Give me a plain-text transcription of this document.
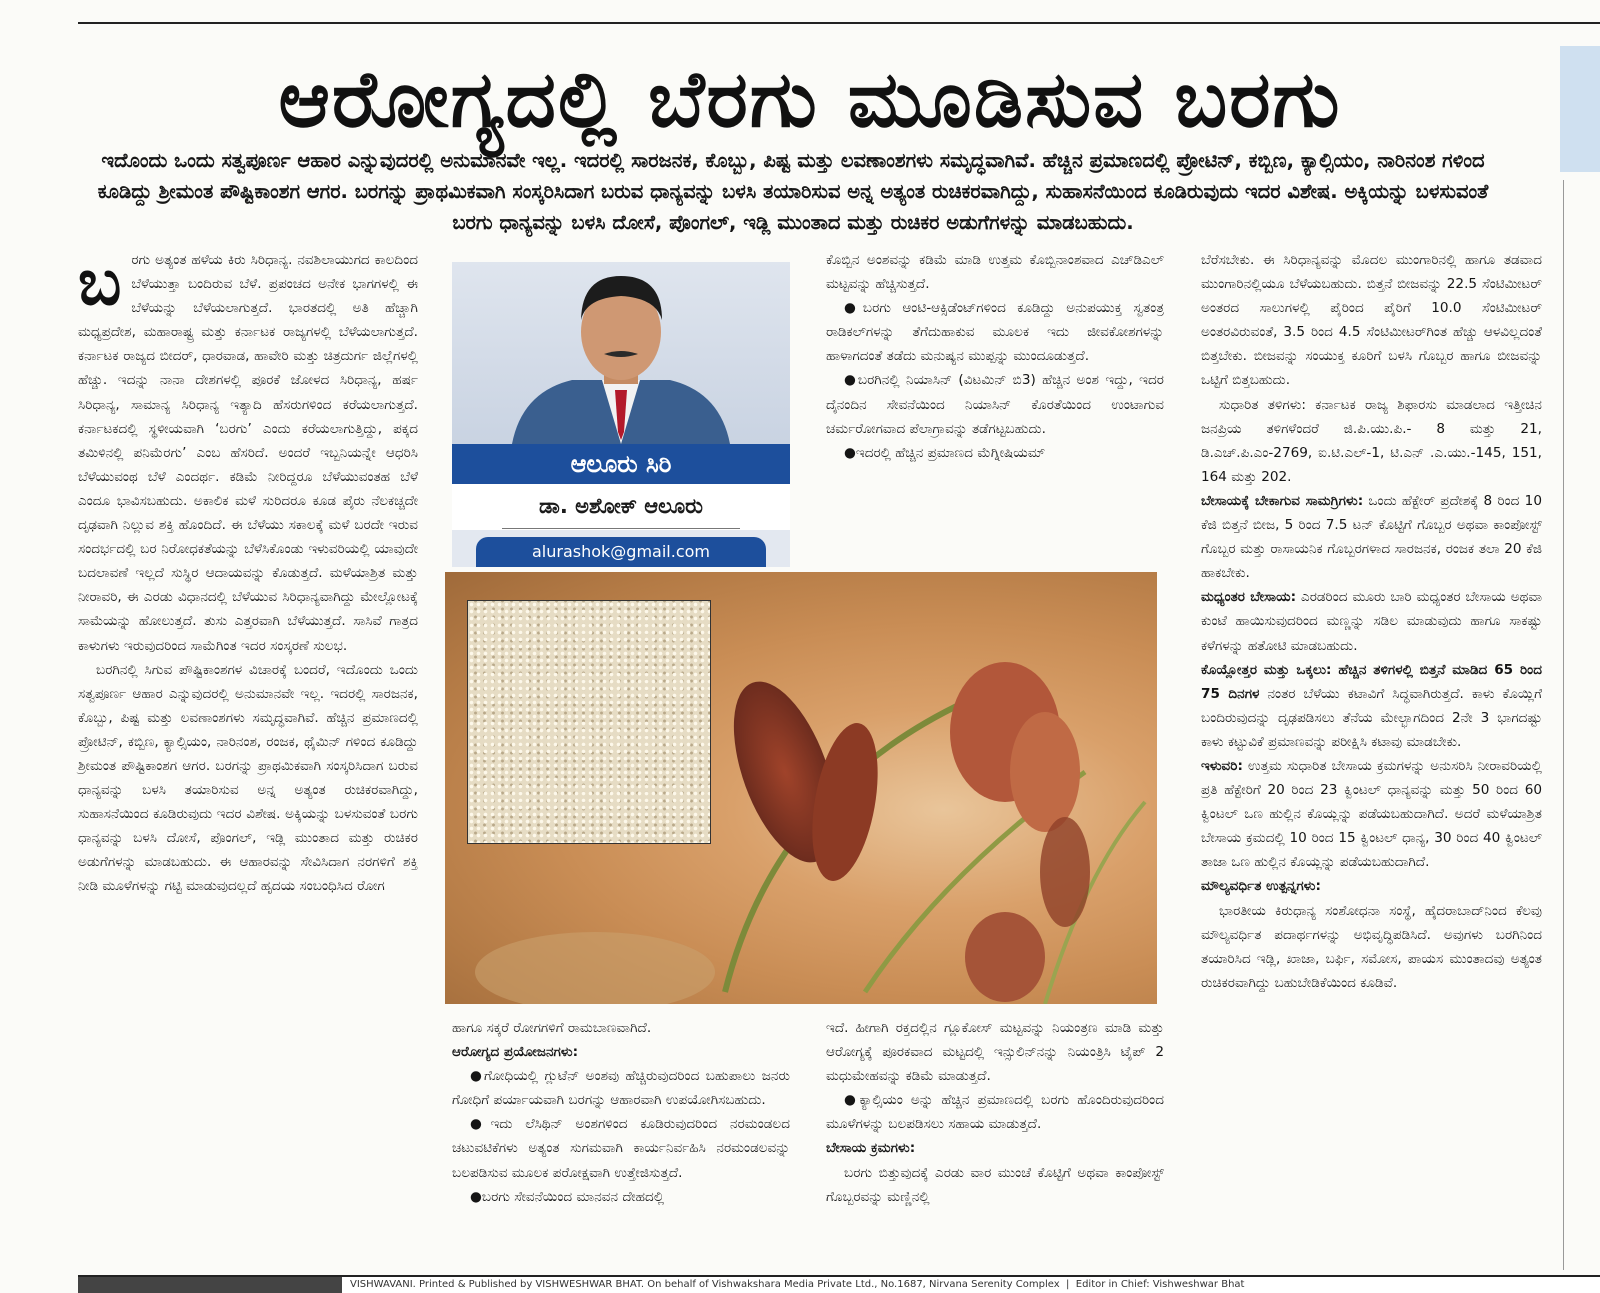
ಆರೋಗ್ಯದಲ್ಲಿ ಬೆರಗು ಮೂಡಿಸುವ ಬರಗು
ಇದೊಂದು ಒಂದು ಸತ್ವಪೂರ್ಣ ಆಹಾರ ಎನ್ನುವುದರಲ್ಲಿ ಅನುಮಾನವೇ ಇಲ್ಲ. ಇದರಲ್ಲಿ ಸಾರಜನಕ, ಕೊಬ್ಬು, ಪಿಷ್ಟ ಮತ್ತು ಲವಣಾಂಶಗಳು ಸಮೃದ್ಧವಾಗಿವೆ. ಹೆಚ್ಚಿನ ಪ್ರಮಾಣದಲ್ಲಿ ಪ್ರೋಟಿನ್, ಕಬ್ಬಿಣ, ಕ್ಯಾಲ್ಸಿಯಂ, ನಾರಿನಂಶ ಗಳಿಂದ ಕೂಡಿದ್ದು ಶ್ರೀಮಂತ ಪೌಷ್ಟಿಕಾಂಶಗ ಆಗರ. ಬರಗನ್ನು ಪ್ರಾಥಮಿಕವಾಗಿ ಸಂಸ್ಕರಿಸಿದಾಗ ಬರುವ ಧಾನ್ಯವನ್ನು ಬಳಸಿ ತಯಾರಿಸುವ ಅನ್ನ ಅತ್ಯಂತ ರುಚಿಕರವಾಗಿದ್ದು, ಸುಹಾಸನೆಯಿಂದ ಕೂಡಿರುವುದು ಇದರ ವಿಶೇಷ. ಅಕ್ಕಿಯನ್ನು ಬಳಸುವಂತೆ ಬರಗು ಧಾನ್ಯವನ್ನು ಬಳಸಿ ದೋಸೆ, ಪೊಂಗಲ್, ಇಡ್ಲಿ ಮುಂತಾದ ಮತ್ತು ರುಚಿಕರ ಅಡುಗೆಗಳನ್ನು ಮಾಡಬಹುದು.

ಬರಗು ಅತ್ಯಂತ ಹಳೆಯ ಕಿರು ಸಿರಿಧಾನ್ಯ. ನವಶಿಲಾಯುಗದ ಕಾಲದಿಂದ ಬೆಳೆಯುತ್ತಾ ಬಂದಿರುವ ಬೆಳೆ. ಪ್ರಪಂಚದ ಅನೇಕ ಭಾಗಗಳಲ್ಲಿ ಈ ಬೆಳೆಯನ್ನು ಬೆಳೆಯಲಾಗುತ್ತದೆ. ಭಾರತದಲ್ಲಿ ಅತಿ ಹೆಚ್ಚಾಗಿ ಮಧ್ಯಪ್ರದೇಶ, ಮಹಾರಾಷ್ಟ್ರ ಮತ್ತು ಕರ್ನಾಟಕ ರಾಜ್ಯಗಳಲ್ಲಿ ಬೆಳೆಯಲಾಗುತ್ತದೆ. ಕರ್ನಾಟಕ ರಾಜ್ಯದ ಬೀದರ್, ಧಾರವಾಡ, ಹಾವೇರಿ ಮತ್ತು ಚಿತ್ರದುರ್ಗ ಜಿಲ್ಲೆಗಳಲ್ಲಿ ಹೆಚ್ಚು. ಇದನ್ನು ನಾನಾ ದೇಶಗಳಲ್ಲಿ ಪೂರಕೆ ಜೋಳದ ಸಿರಿಧಾನ್ಯ, ಹರ್ಷ ಸಿರಿಧಾನ್ಯ, ಸಾಮಾನ್ಯ ಸಿರಿಧಾನ್ಯ ಇತ್ಯಾದಿ ಹೆಸರುಗಳಿಂದ ಕರೆಯಲಾಗುತ್ತದೆ. ಕರ್ನಾಟಕದಲ್ಲಿ ಸ್ಥಳೀಯವಾಗಿ ‘ಬರಗು’ ಎಂದು ಕರೆಯಲಾಗುತ್ತಿದ್ದು, ಪಕ್ಕದ ತಮಿಳಿನಲ್ಲಿ ಪನಿಮೆರಗು’ ಎಂಬ ಹೆಸರಿದೆ. ಅಂದರೆ ಇಬ್ಬನಿಯನ್ನೇ ಆಧರಿಸಿ ಬೆಳೆಯುವಂಥ ಬೆಳೆ ಎಂದರ್ಥ. ಕಡಿಮೆ ನೀರಿದ್ದರೂ ಬೆಳೆಯುವಂತಹ ಬೆಳೆ ಎಂದೂ ಭಾವಿಸಬಹುದು. ಅಕಾಲಿಕ ಮಳೆ ಸುರಿದರೂ ಕೂಡ ಪೈರು ನೆಲಕಚ್ಚದೇ ದೃಢವಾಗಿ ನಿಲ್ಲುವ ಶಕ್ತಿ ಹೊಂದಿದೆ. ಈ ಬೆಳೆಯು ಸಕಾಲಕ್ಕೆ ಮಳೆ ಬರದೇ ಇರುವ ಸಂದರ್ಭದಲ್ಲಿ ಬರ ನಿರೋಧಕತೆಯನ್ನು ಬೆಳೆಸಿಕೊಂಡು ಇಳುವರಿಯಲ್ಲಿ ಯಾವುದೇ ಬದಲಾವಣೆ ಇಲ್ಲದೆ ಸುಸ್ಥಿರ ಆದಾಯವನ್ನು ಕೊಡುತ್ತದೆ. ಮಳೆಯಾಶ್ರಿತ ಮತ್ತು ನೀರಾವರಿ, ಈ ಎರಡು ವಿಧಾನದಲ್ಲಿ ಬೆಳೆಯುವ ಸಿರಿಧಾನ್ಯವಾಗಿದ್ದು ಮೇಲ್ಲೋಟಕ್ಕೆ ಸಾಮೆಯನ್ನು ಹೋಲುತ್ತದೆ. ತುಸು ಎತ್ತರವಾಗಿ ಬೆಳೆಯುತ್ತದೆ. ಸಾಸಿವೆ ಗಾತ್ರದ ಕಾಳುಗಳು ಇರುವುದರಿಂದ ಸಾಮೆಗಿಂತ ಇದರ ಸಂಸ್ಕರಣೆ ಸುಲಭ.

ಬರಗಿನಲ್ಲಿ ಸಿಗುವ ಪೌಷ್ಟಿಕಾಂಶಗಳ ವಿಚಾರಕ್ಕೆ ಬಂದರೆ, ಇದೊಂದು ಒಂದು ಸತ್ವಪೂರ್ಣ ಆಹಾರ ಎನ್ನುವುದರಲ್ಲಿ ಅನುಮಾನವೇ ಇಲ್ಲ. ಇದರಲ್ಲಿ ಸಾರಜನಕ, ಕೊಬ್ಬು, ಪಿಷ್ಟ ಮತ್ತು ಲವಣಾಂಶಗಳು ಸಮೃದ್ಧವಾಗಿವೆ. ಹೆಚ್ಚಿನ ಪ್ರಮಾಣದಲ್ಲಿ ಪ್ರೋಟಿನ್, ಕಬ್ಬಿಣ, ಕ್ಯಾಲ್ಸಿಯಂ, ನಾರಿನಂಶ, ರಂಜಕ, ಥೈಮಿನ್ ಗಳಿಂದ ಕೂಡಿದ್ದು ಶ್ರೀಮಂತ ಪೌಷ್ಟಿಕಾಂಶಗ ಆಗರ. ಬರಗನ್ನು ಪ್ರಾಥಮಿಕವಾಗಿ ಸಂಸ್ಕರಿಸಿದಾಗ ಬರುವ ಧಾನ್ಯವನ್ನು ಬಳಸಿ ತಯಾರಿಸುವ ಅನ್ನ ಅತ್ಯಂತ ರುಚಿಕರವಾಗಿದ್ದು, ಸುಹಾಸನೆಯಿಂದ ಕೂಡಿರುವುದು ಇದರ ವಿಶೇಷ. ಅಕ್ಕಿಯನ್ನು ಬಳಸುವಂತೆ ಬರಗು ಧಾನ್ಯವನ್ನು ಬಳಸಿ ದೋಸೆ, ಪೊಂಗಲ್, ಇಡ್ಲಿ ಮುಂತಾದ ಮತ್ತು ರುಚಿಕರ ಅಡುಗೆಗಳನ್ನು ಮಾಡಬಹುದು. ಈ ಆಹಾರವನ್ನು ಸೇವಿಸಿದಾಗ ನರಗಳಿಗೆ ಶಕ್ತಿ ನೀಡಿ ಮೂಳೆಗಳನ್ನು ಗಟ್ಟಿ ಮಾಡುವುದಲ್ಲದೆ ಹೃದಯ ಸಂಬಂಧಿಸಿದ ರೋಗ

ಆಲೂರು ಸಿರಿ
ಡಾ. ಅಶೋಕ್ ಆಲೂರು
alurashok@gmail.com

ಹಾಗೂ ಸಕ್ಕರೆ ರೋಗಗಳಿಗೆ ರಾಮಬಾಣವಾಗಿದೆ.

ಆರೋಗ್ಯದ ಪ್ರಯೋಜನಗಳು:

●ಗೋಧಿಯಲ್ಲಿ ಗ್ಲುಟೆನ್ ಅಂಶವು ಹೆಚ್ಚಿರುವುದರಿಂದ ಬಹುಪಾಲು ಜನರು ಗೋಧಿಗೆ ಪರ್ಯಾಯವಾಗಿ ಬರಗನ್ನು ಆಹಾರವಾಗಿ ಉಪಯೋಗಿಸಬಹುದು.

●ಇದು ಲೆಸಿಥಿನ್ ಅಂಶಗಳಿಂದ ಕೂಡಿರುವುದರಿಂದ ನರಮಂಡಲದ ಚಟುವಟಿಕೆಗಳು ಅತ್ಯಂತ ಸುಗಮವಾಗಿ ಕಾರ್ಯನಿರ್ವಹಿಸಿ ನರಮಂಡಲವನ್ನು ಬಲಪಡಿಸುವ ಮೂಲಕ ಪರೋಕ್ಷವಾಗಿ ಉತ್ತೇಜಿಸುತ್ತದೆ.

●ಬರಗು ಸೇವನೆಯಿಂದ ಮಾನವನ ದೇಹದಲ್ಲಿ

ಕೊಬ್ಬಿನ ಅಂಶವನ್ನು ಕಡಿಮೆ ಮಾಡಿ ಉತ್ತಮ ಕೊಬ್ಬಿನಾಂಶವಾದ ಎಚ್‌ಡಿಎಲ್ ಮಟ್ಟವನ್ನು ಹೆಚ್ಚಿಸುತ್ತದೆ.

●ಬರಗು ಆಂಟಿ-ಆಕ್ಸಿಡೆಂಟ್‌ಗಳಿಂದ ಕೂಡಿದ್ದು ಅನುಪಯುಕ್ತ ಸ್ವತಂತ್ರ ರಾಡಿಕಲ್‌ಗಳನ್ನು ತೆಗೆದುಹಾಕುವ ಮೂಲಕ ಇದು ಜೀವಕೋಶಗಳನ್ನು ಹಾಳಾಗದಂತೆ ತಡೆದು ಮನುಷ್ಯನ ಮುಪ್ಪನ್ನು ಮುಂದೂಡುತ್ತದೆ.

●ಬರಗಿನಲ್ಲಿ ನಿಯಾಸಿನ್ (ವಿಟಮಿನ್ ಬಿ3) ಹೆಚ್ಚಿನ ಅಂಶ ಇದ್ದು, ಇದರ ದೈನಂದಿನ ಸೇವನೆಯಿಂದ ನಿಯಾಸಿನ್ ಕೊರತೆಯಿಂದ ಉಂಟಾಗುವ ಚರ್ಮರೋಗವಾದ ಪೆಲಾಗ್ರಾವನ್ನು ತಡೆಗಟ್ಟಬಹುದು.

●ಇದರಲ್ಲಿ ಹೆಚ್ಚಿನ ಪ್ರಮಾಣದ ಮೆಗ್ನೀಷಿಯಮ್

ಇದೆ. ಹೀಗಾಗಿ ರಕ್ತದಲ್ಲಿನ ಗ್ಲೂಕೋಸ್ ಮಟ್ಟವನ್ನು ನಿಯಂತ್ರಣ ಮಾಡಿ ಮತ್ತು ಆರೋಗ್ಯಕ್ಕೆ ಪೂರಕವಾದ ಮಟ್ಟದಲ್ಲಿ ಇನ್ಸುಲಿನ್‌ನನ್ನು ನಿಯಂತ್ರಿಸಿ ಟೈಪ್ 2 ಮಧುಮೇಹವನ್ನು ಕಡಿಮೆ ಮಾಡುತ್ತದೆ.

●ಕ್ಯಾಲ್ಸಿಯಂ ಅನ್ನು ಹೆಚ್ಚಿನ ಪ್ರಮಾಣದಲ್ಲಿ ಬರಗು ಹೊಂದಿರುವುದರಿಂದ ಮೂಳೆಗಳನ್ನು ಬಲಪಡಿಸಲು ಸಹಾಯ ಮಾಡುತ್ತದೆ.

ಬೇಸಾಯ ಕ್ರಮಗಳು:

ಬರಗು ಬಿತ್ತುವುದಕ್ಕೆ ಎರಡು ವಾರ ಮುಂಚೆ ಕೊಟ್ಟಿಗೆ ಅಥವಾ ಕಾಂಪೋಸ್ಟ್ ಗೊಬ್ಬರವನ್ನು ಮಣ್ಣಿನಲ್ಲಿ

ಬೆರೆಸಬೇಕು. ಈ ಸಿರಿಧಾನ್ಯವನ್ನು ಮೊದಲ ಮುಂಗಾರಿನಲ್ಲಿ ಹಾಗೂ ತಡವಾದ ಮುಂಗಾರಿನಲ್ಲಿಯೂ ಬೆಳೆಯಬಹುದು. ಬಿತ್ತನೆ ಬೀಜವನ್ನು 22.5 ಸೆಂಟಿಮೀಟರ್ ಅಂತರದ ಸಾಲುಗಳಲ್ಲಿ ಪೈರಿಂದ ಪೈರಿಗೆ 10.0 ಸೆಂಟಿಮೀಟರ್ ಅಂತರವಿರುವಂತೆ, 3.5 ರಿಂದ 4.5 ಸೆಂಟಿಮೀಟರ್‌ಗಿಂತ ಹೆಚ್ಚು ಆಳವಿಲ್ಲದಂತೆ ಬಿತ್ತಬೇಕು. ಬೀಜವನ್ನು ಸಂಯುಕ್ತ ಕೂರಿಗೆ ಬಳಸಿ ಗೊಬ್ಬರ ಹಾಗೂ ಬೀಜವನ್ನು ಒಟ್ಟಿಗೆ ಬಿತ್ತಬಹುದು.

ಸುಧಾರಿತ ತಳಿಗಳು: ಕರ್ನಾಟಕ ರಾಜ್ಯ ಶಿಫಾರಸು ಮಾಡಲಾದ ಇತ್ತೀಚಿನ ಜನಪ್ರಿಯ ತಳಿಗಳೆಂದರೆ ಜಿ.ಪಿ.ಯು.ಪಿ.- 8 ಮತ್ತು 21, ಡಿ.ಎಚ್.ಪಿ.ಎಂ-2769, ಐ.ಟಿ.ಎಲ್-1, ಟಿ.ಎನ್ .ಎ.ಯು.-145, 151, 164 ಮತ್ತು 202.

ಬೇಸಾಯಕ್ಕೆ ಬೇಕಾಗುವ ಸಾಮಗ್ರಿಗಳು: ಒಂದು ಹೆಕ್ಟೇರ್ ಪ್ರದೇಶಕ್ಕೆ 8 ರಿಂದ 10 ಕೆಜಿ ಬಿತ್ತನೆ ಬೀಜ, 5 ರಿಂದ 7.5 ಟನ್ ಕೊಟ್ಟಿಗೆ ಗೊಬ್ಬರ ಅಥವಾ ಕಾಂಪೋಸ್ಟ್ ಗೊಬ್ಬರ ಮತ್ತು ರಾಸಾಯನಿಕ ಗೊಬ್ಬರಗಳಾದ ಸಾರಜನಕ, ರಂಜಕ ತಲಾ 20 ಕೆಜಿ ಹಾಕಬೇಕು.

ಮಧ್ಯಂತರ ಬೇಸಾಯ: ಎರಡರಿಂದ ಮೂರು ಬಾರಿ ಮಧ್ಯಂತರ ಬೇಸಾಯ ಅಥವಾ ಕುಂಟೆ ಹಾಯಿಸುವುದರಿಂದ ಮಣ್ಣನ್ನು ಸಡಿಲ ಮಾಡುವುದು ಹಾಗೂ ಸಾಕಷ್ಟು ಕಳೆಗಳನ್ನು ಹತೋಟಿ ಮಾಡಬಹುದು.

ಕೊಯ್ಲೋತ್ತರ ಮತ್ತು ಒಕ್ಕಲು: ಹೆಚ್ಚಿನ ತಳಿಗಳಲ್ಲಿ ಬಿತ್ತನೆ ಮಾಡಿದ 65 ರಿಂದ 75 ದಿನಗಳ ನಂತರ ಬೆಳೆಯು ಕಟಾವಿಗೆ ಸಿದ್ಧವಾಗಿರುತ್ತದೆ. ಕಾಳು ಕೊಯ್ಲಿಗೆ ಬಂದಿರುವುದನ್ನು ದೃಢಪಡಿಸಲು ತೆನೆಯ ಮೇಲ್ಭಾಗದಿಂದ 2ನೇ 3 ಭಾಗದಷ್ಟು ಕಾಳು ಕಟ್ಟುವಿಕೆ ಪ್ರಮಾಣವನ್ನು ಪರೀಕ್ಷಿಸಿ ಕಟಾವು ಮಾಡಬೇಕು.

ಇಳುವರಿ: ಉತ್ತಮ ಸುಧಾರಿತ ಬೇಸಾಯ ಕ್ರಮಗಳನ್ನು ಅನುಸರಿಸಿ ನೀರಾವರಿಯಲ್ಲಿ ಪ್ರತಿ ಹೆಕ್ಟೇರಿಗೆ 20 ರಿಂದ 23 ಕ್ವಿಂಟಲ್ ಧಾನ್ಯವನ್ನು ಮತ್ತು 50 ರಿಂದ 60 ಕ್ವಿಂಟಲ್ ಒಣ ಹುಲ್ಲಿನ ಕೊಯ್ಲನ್ನು ಪಡೆಯಬಹುದಾಗಿದೆ. ಅದರೆ ಮಳೆಯಾಶ್ರಿತ ಬೇಸಾಯ ಕ್ರಮದಲ್ಲಿ 10 ರಿಂದ 15 ಕ್ವಿಂಟಲ್ ಧಾನ್ಯ, 30 ರಿಂದ 40 ಕ್ವಿಂಟಲ್ ತಾಜಾ ಒಣ ಹುಲ್ಲಿನ ಕೊಯ್ಲನ್ನು ಪಡೆಯಬಹುದಾಗಿದೆ.

ಮೌಲ್ಯವರ್ಧಿತ ಉತ್ಪನ್ನಗಳು:

ಭಾರತೀಯ ಕಿರುಧಾನ್ಯ ಸಂಶೋಧನಾ ಸಂಸ್ಥೆ, ಹೈದರಾಬಾದ್‌ನಿಂದ ಕೆಲವು ಮೌಲ್ಯವರ್ಧಿತ ಪದಾರ್ಥಗಳನ್ನು ಅಭಿವೃದ್ಧಿಪಡಿಸಿದೆ. ಅವುಗಳು ಬರಗಿನಿಂದ ತಯಾರಿಸಿದ ಇಡ್ಲಿ, ಖಾಜಾ, ಬರ್ಫಿ, ಸಮೋಸ, ಪಾಯಸ ಮುಂತಾದವು ಅತ್ಯಂತ ರುಚಿಕರವಾಗಿದ್ದು ಬಹುಬೇಡಿಕೆಯಿಂದ ಕೂಡಿವೆ.

VISHWAVANI. Printed & Published by VISHWESHWAR BHAT. On behalf of Vishwakshara Media Private Ltd., No.1687, Nirvana Serenity Complex  |  Editor in Chief: Vishweshwar Bhat
